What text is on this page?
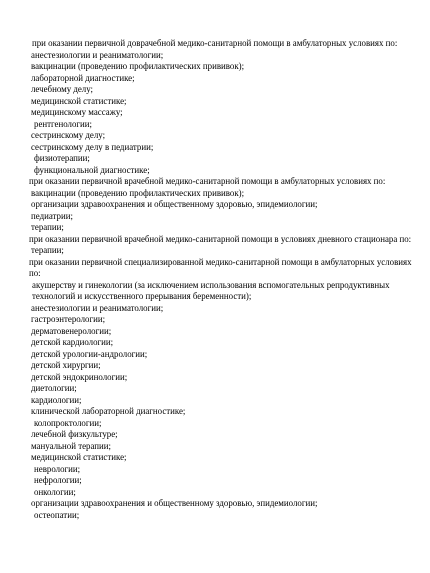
при оказании первичной доврачебной медико-санитарной помощи в амбулаторных условиях по:
анестезиологии и реаниматологии;
вакцинации (проведению профилактических прививок);
лабораторной диагностике;
лечебному делу;
медицинской статистике;
медицинскому массажу;
рентгенологии;
сестринскому делу;
сестринскому делу в педиатрии;
физиотерапии;
функциональной диагностике;
при оказании первичной врачебной медико-санитарной помощи в амбулаторных условиях по:
вакцинации (проведению профилактических прививок);
организации здравоохранения и общественному здоровью, эпидемиологии;
педиатрии;
терапии;
при оказании первичной врачебной медико-санитарной помощи в условиях дневного стационара по:
терапии;
при оказании первичной специализированной медико-санитарной помощи в амбулаторных условиях по:
акушерству и гинекологии (за исключением использования вспомогательных репродуктивных технологий и искусственного прерывания беременности);
анестезиологии и реаниматологии;
гастроэнтерологии;
дерматовенерологии;
детской кардиологии;
детской урологии-андрологии;
детской хирургии;
детской эндокринологии;
диетологии;
кардиологии;
клинической лабораторной диагностике;
колопроктологии;
лечебной физкультуре;
мануальной терапии;
медицинской статистике;
неврологии;
нефрологии;
онкологии;
организации здравоохранения и общественному здоровью, эпидемиологии;
остеопатии;
